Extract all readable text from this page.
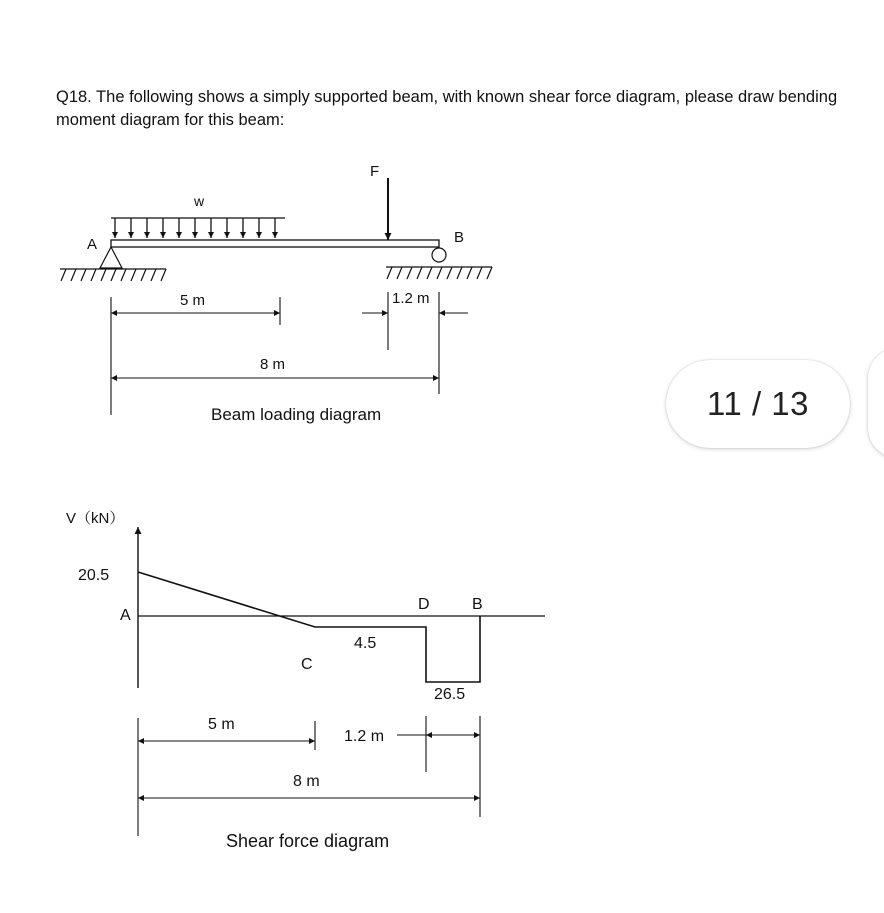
Q18. The following shows a simply supported beam, with known shear force diagram, please draw bending moment diagram for this beam:
w
F
A	B
5 m	1.2 m
8 m
Beam loading diagram
V（kN）
20.5
A
C
D	B
4.5
26.5
5 m
1.2 m
8 m
Shear force diagram
11 / 13
